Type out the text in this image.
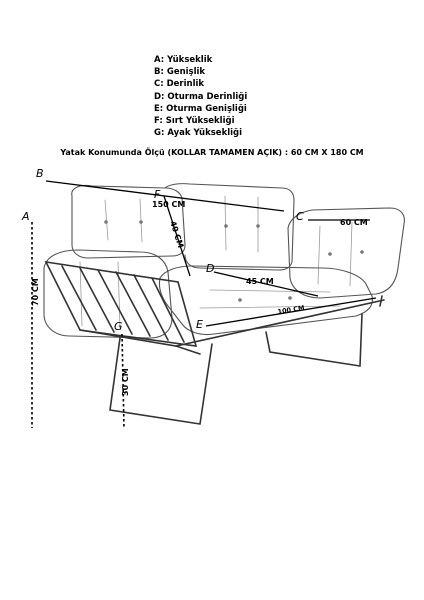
A: Yükseklik
B: Genişlik
C: Derinlik
D: Oturma Derinliği
E: Oturma Genişliği
F: Sırt Yüksekliği
G: Ayak Yüksekliği
Yatak Konumunda Ölçü (KOLLAR TAMAMEN AÇIK) : 60 CM X 180 CM
A
B
C
D
E
F
G
150 CM
60 CM
40 CM
45 CM
100 CM
70 CM
30 CM
